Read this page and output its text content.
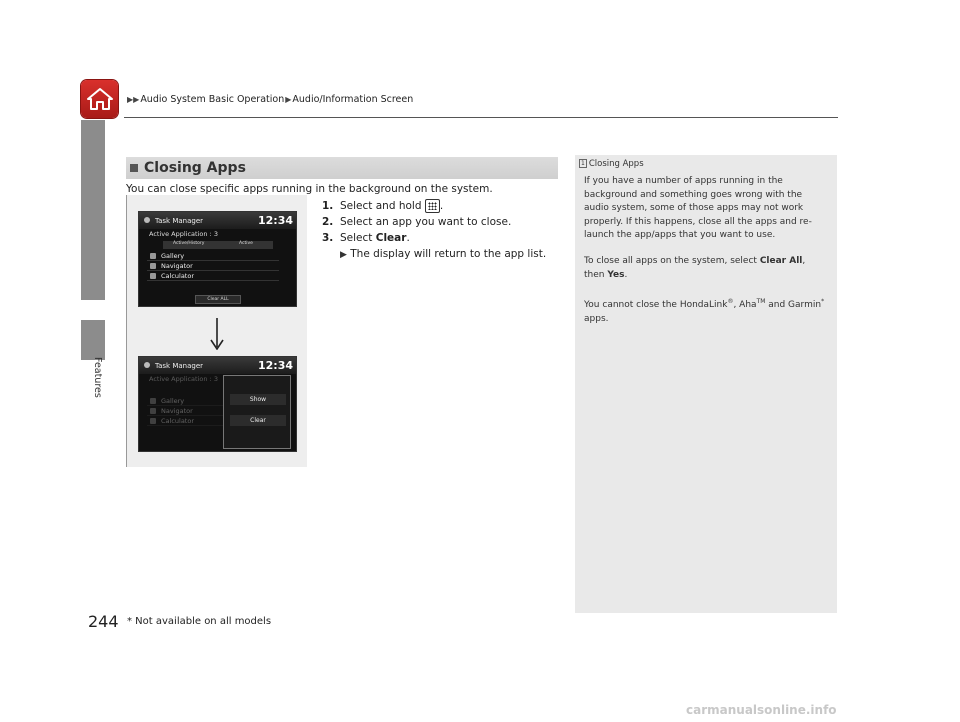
▶▶Audio System Basic Operation▶Audio/Information Screen
Features
Closing Apps
You can close specific apps running in the background on the system.
Task Manager	12:34
Active Application : 3
Active/History	Active
Gallery
Navigator
Calculator
Clear ALL
Task Manager	12:34
Active Application : 3
Gallery
Navigator
Calculator
Show
Clear
1. Select and hold .
2. Select an app you want to close.
3. Select Clear.
▶ The display will return to the app list.
1 Closing Apps
If you have a number of apps running in the background and something goes wrong with the audio system, some of those apps may not work properly. If this happens, close all the apps and re-launch the app/apps that you want to use.
To close all apps on the system, select Clear All, then Yes.
You cannot close the HondaLink®, Aha™ and Garmin* apps.
244 * Not available on all models
carmanualsonline.info
